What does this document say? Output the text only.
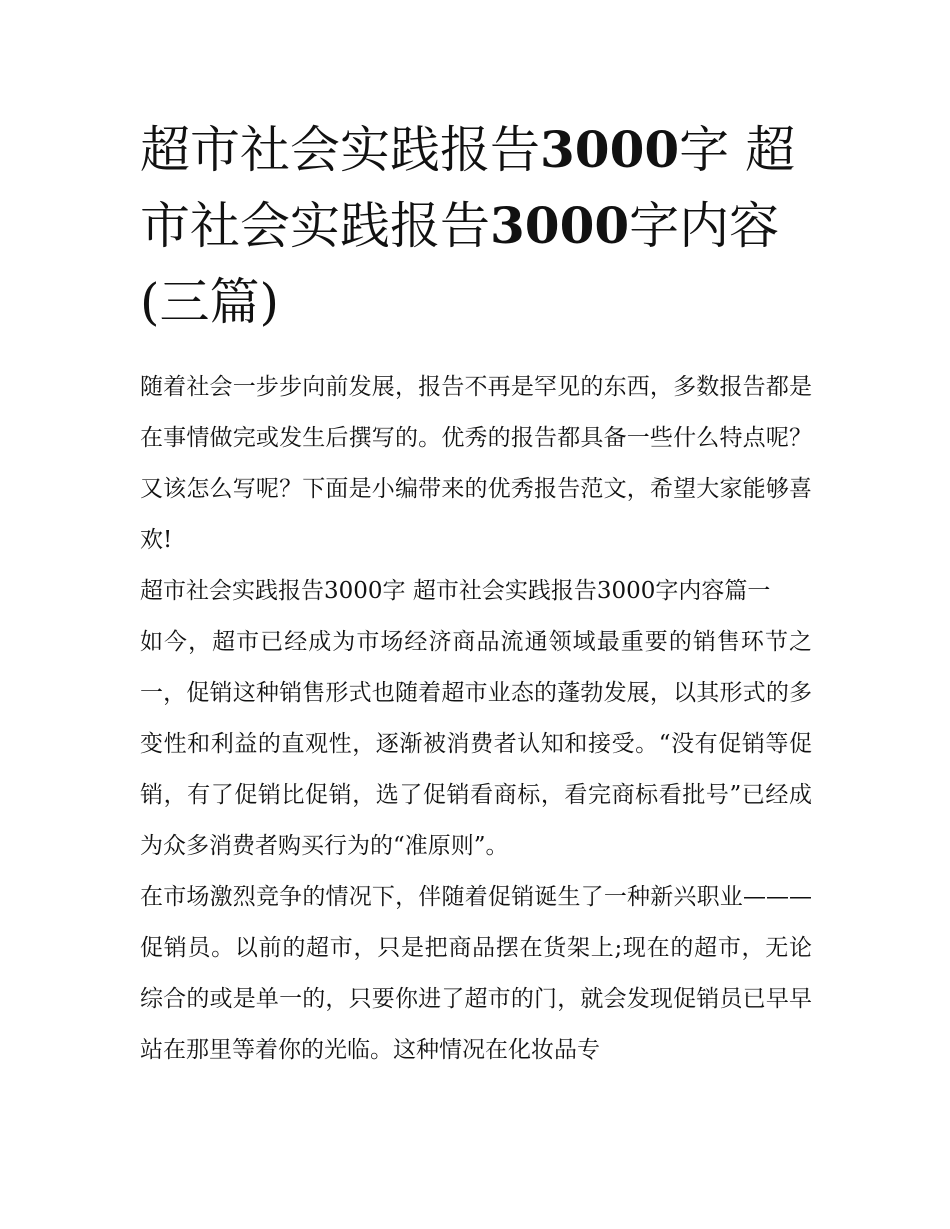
超市社会实践报告3000字 超市社会实践报告3000字内容(三篇)

随着社会一步步向前发展，报告不再是罕见的东西，多数报告都是在事情做完或发生后撰写的。优秀的报告都具备一些什么特点呢？又该怎么写呢？下面是小编带来的优秀报告范文，希望大家能够喜欢!

超市社会实践报告3000字 超市社会实践报告3000字内容篇一

如今，超市已经成为市场经济商品流通领域最重要的销售环节之一，促销这种销售形式也随着超市业态的蓬勃发展，以其形式的多变性和利益的直观性，逐渐被消费者认知和接受。“没有促销等促销，有了促销比促销，选了促销看商标，看完商标看批号”已经成为众多消费者购买行为的“准原则”。

在市场激烈竞争的情况下，伴随着促销诞生了一种新兴职业———促销员。以前的超市，只是把商品摆在货架上;现在的超市，无论综合的或是单一的，只要你进了超市的门，就会发现促销员已早早站在那里等着你的光临。这种情况在化妆品专
